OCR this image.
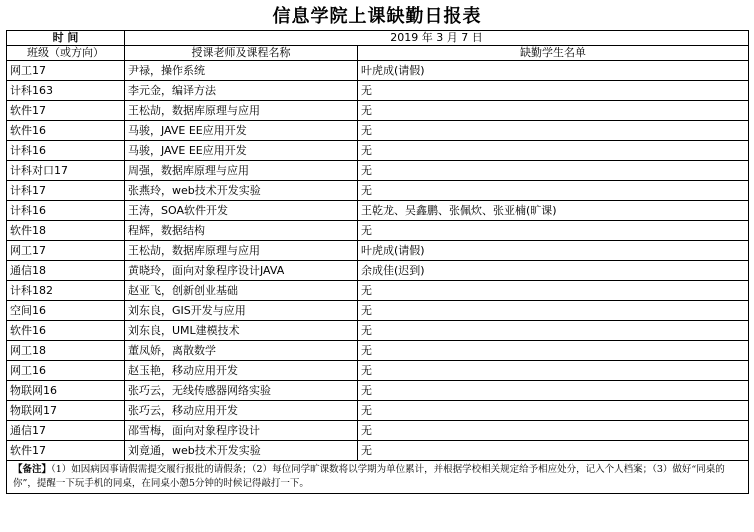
信息学院上课缺勤日报表
时 间	2019 年 3 月 7 日	
班级（或方向）	授课老师及课程名称	缺勤学生名单
网工17	尹禄，操作系统	叶虎成(请假)
计科163	李元金，编译方法	无
软件17	王松劼，数据库原理与应用	无
软件16	马骏，JAVE EE应用开发	无
计科16	马骏，JAVE EE应用开发	无
计科对口17	周强，数据库原理与应用	无
计科17	张燕玲，web技术开发实验	无
计科16	王涛，SOA软件开发	王乾龙、吴鑫鹏、张佩炊、张亚楠(旷课)
软件18	程辉，数据结构	无
网工17	王松劼，数据库原理与应用	叶虎成(请假)
通信18	黄晓玲，面向对象程序设计JAVA	余成佳(迟到)
计科182	赵亚飞，创新创业基础	无
空间16	刘东良，GIS开发与应用	无
软件16	刘东良，UML建模技术	无
网工18	董凤娇，离散数学	无
网工16	赵玉艳，移动应用开发	无
物联网16	张巧云，无线传感器网络实验	无
物联网17	张巧云，移动应用开发	无
通信17	邵雪梅，面向对象程序设计	无
软件17	刘竟通，web技术开发实验	无
【备注】（1）如因病因事请假需提交履行报批的请假条；（2）每位同学旷课数将以学期为单位累计，并根据学校相关规定给予相应处分，记入个人档案；（3）做好“同桌的你”，提醒一下玩手机的同桌，在同桌小憩5分钟的时候记得敲打一下。		
